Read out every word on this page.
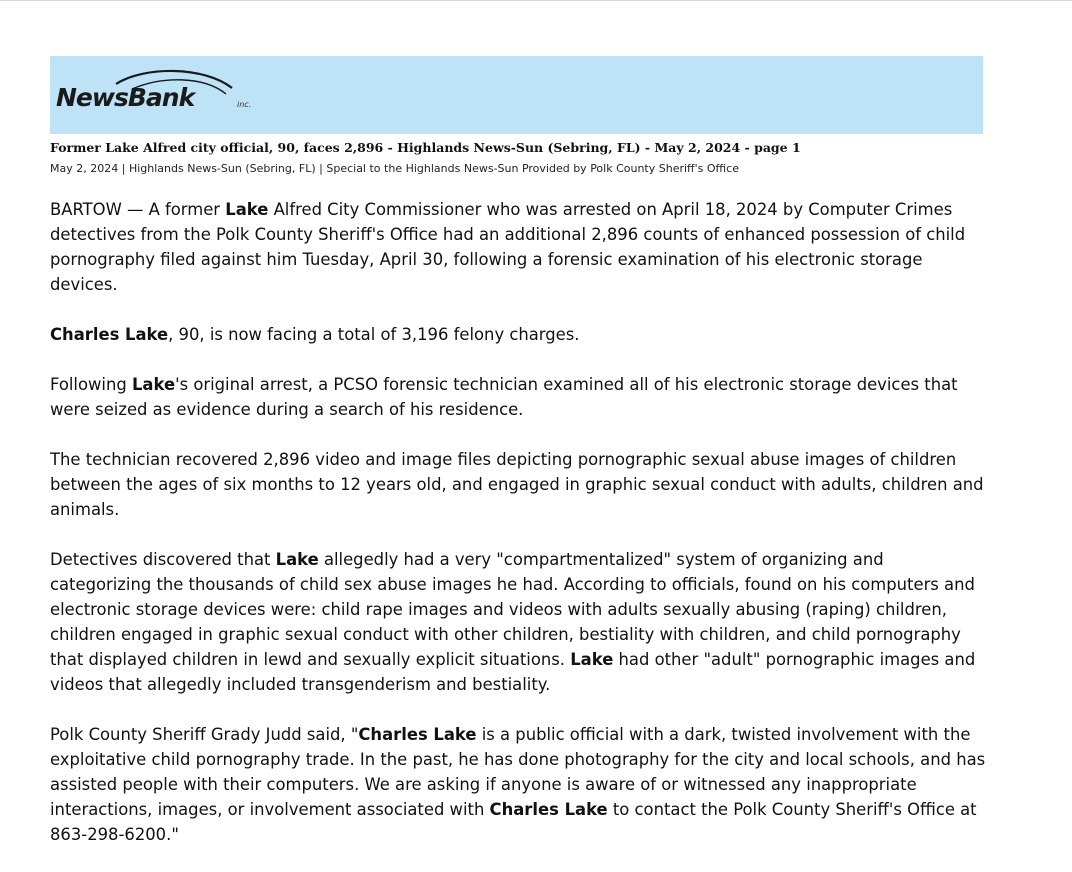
NewsBank	inc.
Former Lake Alfred city official, 90, faces 2,896 - Highlands News-Sun (Sebring, FL) - May 2, 2024 - page 1
May 2, 2024 | Highlands News-Sun (Sebring, FL) | Special to the Highlands News-Sun Provided by Polk County Sheriff's Office

BARTOW — A former Lake Alfred City Commissioner who was arrested on April 18, 2024 by Computer Crimes detectives from the Polk County Sheriff's Office had an additional 2,896 counts of enhanced possession of child pornography filed against him Tuesday, April 30, following a forensic examination of his electronic storage devices.

Charles Lake, 90, is now facing a total of 3,196 felony charges.

Following Lake's original arrest, a PCSO forensic technician examined all of his electronic storage devices that were seized as evidence during a search of his residence.

The technician recovered 2,896 video and image files depicting pornographic sexual abuse images of children between the ages of six months to 12 years old, and engaged in graphic sexual conduct with adults, children and animals.

Detectives discovered that Lake allegedly had a very "compartmentalized" system of organizing and categorizing the thousands of child sex abuse images he had. According to officials, found on his computers and electronic storage devices were: child rape images and videos with adults sexually abusing (raping) children, children engaged in graphic sexual conduct with other children, bestiality with children, and child pornography that displayed children in lewd and sexually explicit situations. Lake had other "adult" pornographic images and videos that allegedly included transgenderism and bestiality.

Polk County Sheriff Grady Judd said, "Charles Lake is a public official with a dark, twisted involvement with the exploitative child pornography trade. In the past, he has done photography for the city and local schools, and has assisted people with their computers. We are asking if anyone is aware of or witnessed any inappropriate interactions, images, or involvement associated with Charles Lake to contact the Polk County Sheriff's Office at 863-298-6200."
